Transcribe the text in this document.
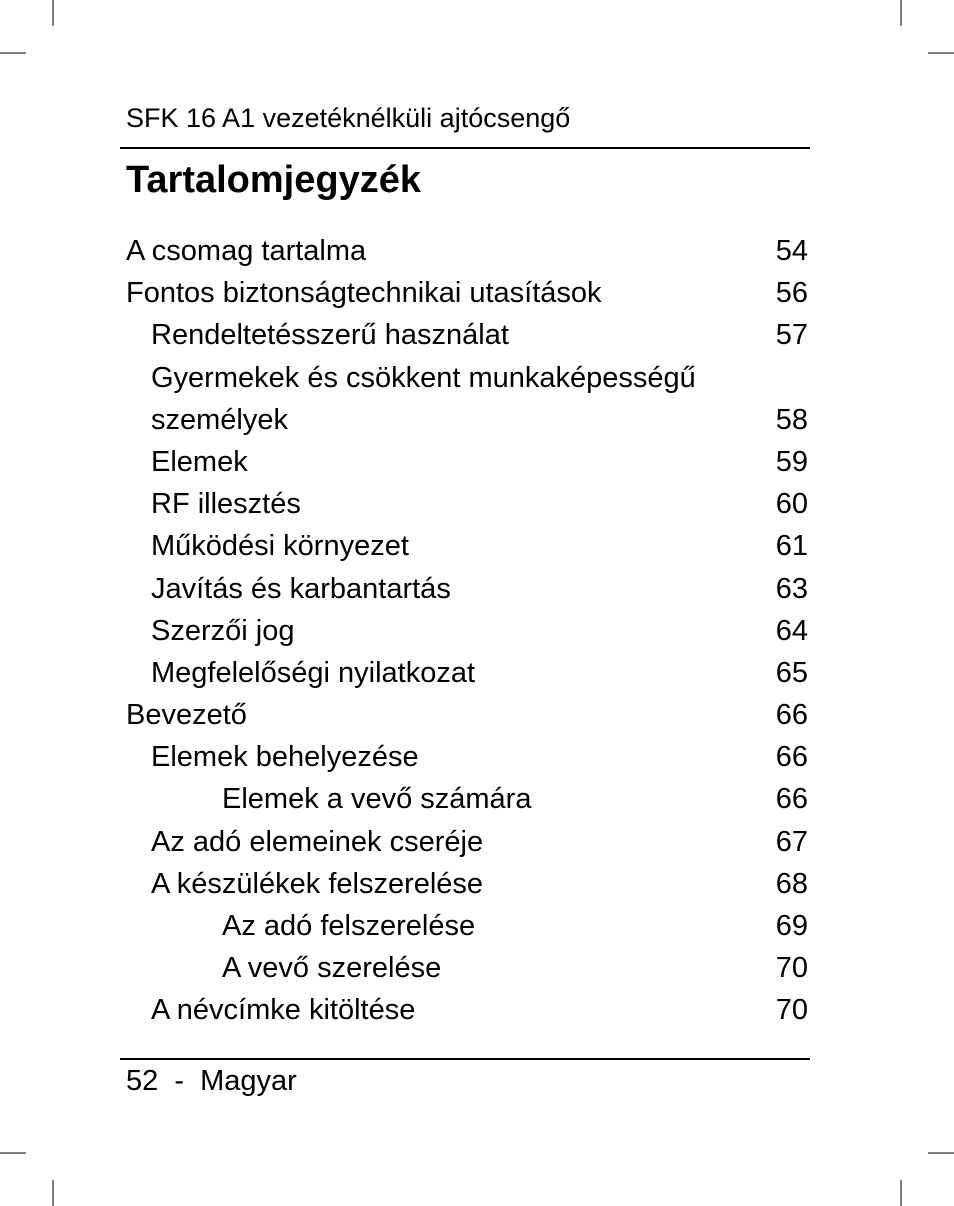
SFK 16 A1 vezetéknélküli ajtócsengő
Tartalomjegyzék
A csomag tartalma	54
Fontos biztonságtechnikai utasítások	56
Rendeltetésszerű használat	57
Gyermekek és csökkent munkaképességű
személyek	58
Elemek	59
RF illesztés	60
Működési környezet	61
Javítás és karbantartás	63
Szerzői jog	64
Megfelelőségi nyilatkozat	65
Bevezető	66
Elemek behelyezése	66
Elemek a vevő számára	66
Az adó elemeinek cseréje	67
A készülékek felszerelése	68
Az adó felszerelése	69
A vevő szerelése	70
A névcímke kitöltése	70
52  -  Magyar
